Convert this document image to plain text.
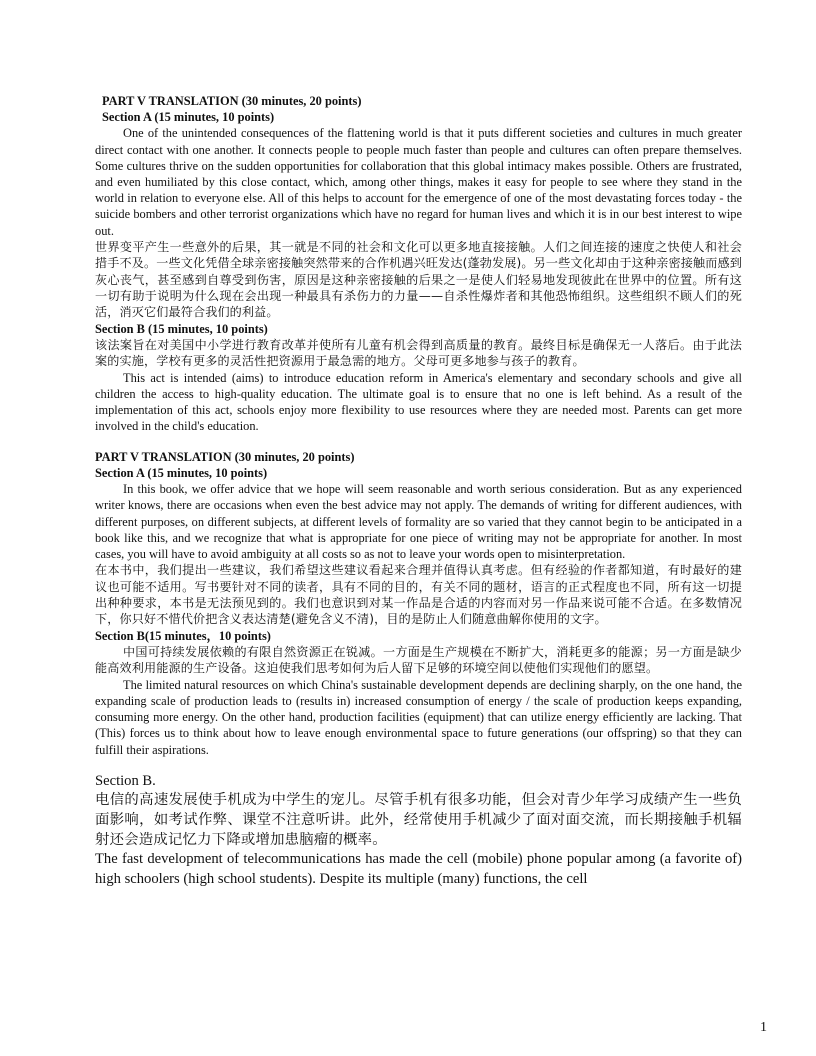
PART V TRANSLATION (30 minutes, 20 points)

Section A (15 minutes, 10 points)

One of the unintended consequences of the flattening world is that it puts different societies and cultures in much greater direct contact with one another. It connects people to people much faster than people and cultures can often prepare themselves. Some cultures thrive on the sudden opportunities for collaboration that this global intimacy makes possible. Others are frustrated, and even humiliated by this close contact, which, among other things, makes it easy for people to see where they stand in the world in relation to everyone else. All of this helps to account for the emergence of one of the most devastating forces today - the suicide bombers and other terrorist organizations which have no regard for human lives and which it is in our best interest to wipe out.

世界变平产生一些意外的后果，其一就是不同的社会和文化可以更多地直接接触。人们之间连接的速度之快使人和社会措手不及。一些文化凭借全球亲密接触突然带来的合作机遇兴旺发达(蓬勃发展)。另一些文化却由于这种亲密接触而感到灰心丧气，甚至感到自尊受到伤害，原因是这种亲密接触的后果之一是使人们轻易地发现彼此在世界中的位置。所有这一切有助于说明为什么现在会出现一种最具有杀伤力的力量——自杀性爆炸者和其他恐怖组织。这些组织不顾人们的死活，消灭它们最符合我们的利益。

Section B (15 minutes, 10 points)

该法案旨在对美国中小学进行教育改革并使所有儿童有机会得到高质量的教育。最终目标是确保无一人落后。由于此法案的实施，学校有更多的灵活性把资源用于最急需的地方。父母可更多地参与孩子的教育。

This act is intended (aims) to introduce education reform in America's elementary and secondary schools and give all children the access to high-quality education. The ultimate goal is to ensure that no one is left behind. As a result of the implementation of this act, schools enjoy more flexibility to use resources where they are needed most. Parents can get more involved in the child's education.

PART V TRANSLATION (30 minutes, 20 points)

Section A (15 minutes, 10 points)

In this book, we offer advice that we hope will seem reasonable and worth serious consideration. But as any experienced writer knows, there are occasions when even the best advice may not apply. The demands of writing for different audiences, with different purposes, on different subjects, at different levels of formality are so varied that they cannot begin to be anticipated in a book like this, and we recognize that what is appropriate for one piece of writing may not be appropriate for another. In most cases, you will have to avoid ambiguity at all costs so as not to leave your words open to misinterpretation.

在本书中，我们提出一些建议，我们希望这些建议看起来合理并值得认真考虑。但有经验的作者都知道，有时最好的建议也可能不适用。写书要针对不同的读者，具有不同的目的，有关不同的题材，语言的正式程度也不同，所有这一切提出种种要求，本书是无法预见到的。我们也意识到对某一作品是合适的内容而对另一作品来说可能不合适。在多数情况下，你只好不惜代价把含义表达清楚(避免含义不清)，目的是防止人们随意曲解你使用的文字。

Section B(15 minutes，10 points)

中国可持续发展依赖的有限自然资源正在锐减。一方面是生产规模在不断扩大，消耗更多的能源；另一方面是缺少能高效利用能源的生产设备。这迫使我们思考如何为后人留下足够的环境空间以使他们实现他们的愿望。

The limited natural resources on which China's sustainable development depends are declining sharply, on the one hand, the expanding scale of production leads to (results in) increased consumption of energy / the scale of production keeps expanding, consuming more energy. On the other hand, production facilities (equipment) that can utilize energy efficiently are lacking. That (This) forces us to think about how to leave enough environmental space to future generations (our offspring) so that they can fulfill their aspirations.

Section B.

电信的高速发展使手机成为中学生的宠儿。尽管手机有很多功能，但会对青少年学习成绩产生一些负面影响，如考试作弊、课堂不注意听讲。此外，经常使用手机减少了面对面交流，而长期接触手机辐射还会造成记忆力下降或增加患脑瘤的概率。

The fast development of telecommunications has made the cell (mobile) phone popular among (a favorite of) high schoolers (high school students). Despite its multiple (many) functions, the cell

1
